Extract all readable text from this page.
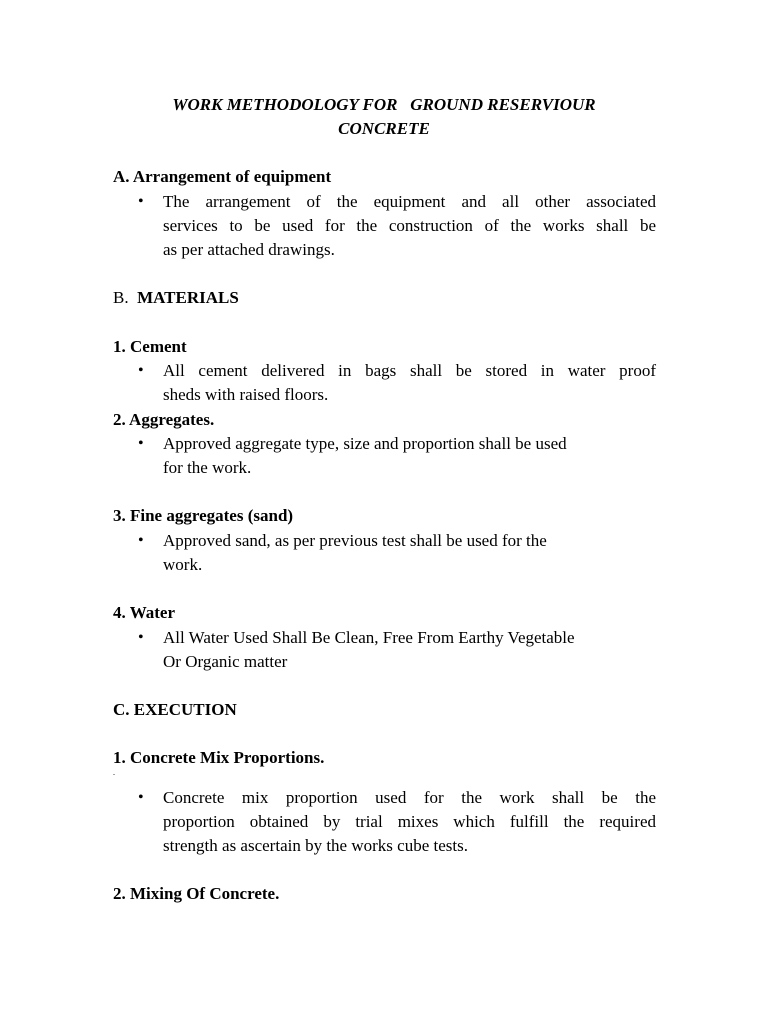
WORK METHODOLOGY FOR   GROUND RESERVIOUR
CONCRETE
A. Arrangement of equipment
•	The arrangement of the equipment and all other associated
services to be used for the construction of the works shall be
as per attached drawings.
B. MATERIALS
1. Cement
•	All cement delivered in bags shall be stored in water proof
sheds with raised floors.
2. Aggregates.
•	Approved aggregate type, size and proportion shall be used
for the work.
3. Fine aggregates (sand)
•	Approved sand, as per previous test shall be used for the
work.
4. Water
•	All Water Used Shall Be Clean, Free From Earthy Vegetable
Or Organic matter
C. EXECUTION
1. Concrete Mix Proportions.
.
•	Concrete mix proportion used for the work shall be the
proportion obtained by trial mixes which fulfill the required
strength as ascertain by the works cube tests.
2. Mixing Of Concrete.
